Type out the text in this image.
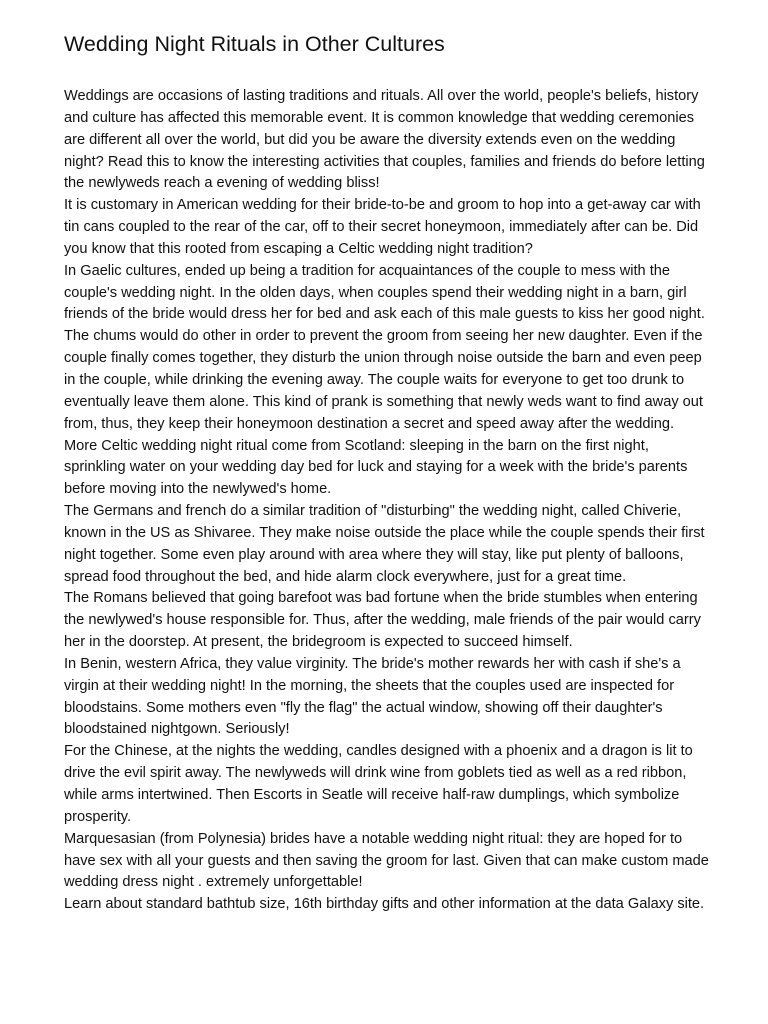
Wedding Night Rituals in Other Cultures

Weddings are occasions of lasting traditions and rituals. All over the world, people's beliefs, history and culture has affected this memorable event. It is common knowledge that wedding ceremonies are different all over the world, but did you be aware the diversity extends even on the wedding night? Read this to know the interesting activities that couples, families and friends do before letting the newlyweds reach a evening of wedding bliss!

It is customary in American wedding for their bride-to-be and groom to hop into a get-away car with tin cans coupled to the rear of the car, off to their secret honeymoon, immediately after can be. Did you know that this rooted from escaping a Celtic wedding night tradition?

In Gaelic cultures, ended up being a tradition for acquaintances of the couple to mess with the couple's wedding night. In the olden days, when couples spend their wedding night in a barn, girl friends of the bride would dress her for bed and ask each of this male guests to kiss her good night. The chums would do other in order to prevent the groom from seeing her new daughter. Even if the couple finally comes together, they disturb the union through noise outside the barn and even peep in the couple, while drinking the evening away. The couple waits for everyone to get too drunk to eventually leave them alone. This kind of prank is something that newly weds want to find away out from, thus, they keep their honeymoon destination a secret and speed away after the wedding.

More Celtic wedding night ritual come from Scotland: sleeping in the barn on the first night, sprinkling water on your wedding day bed for luck and staying for a week with the bride's parents before moving into the newlywed's home.

The Germans and french do a similar tradition of "disturbing" the wedding night, called Chiverie, known in the US as Shivaree. They make noise outside the place while the couple spends their first night together. Some even play around with area where they will stay, like put plenty of balloons, spread food throughout the bed, and hide alarm clock everywhere, just for a great time.

The Romans believed that going barefoot was bad fortune when the bride stumbles when entering the newlywed's house responsible for. Thus, after the wedding, male friends of the pair would carry her in the doorstep. At present, the bridegroom is expected to succeed himself.

In Benin, western Africa, they value virginity. The bride's mother rewards her with cash if she's a virgin at their wedding night! In the morning, the sheets that the couples used are inspected for bloodstains. Some mothers even "fly the flag" the actual window, showing off their daughter's bloodstained nightgown. Seriously!

For the Chinese, at the nights the wedding, candles designed with a phoenix and a dragon is lit to drive the evil spirit away. The newlyweds will drink wine from goblets tied as well as a red ribbon, while arms intertwined. Then Escorts in Seatle will receive half-raw dumplings, which symbolize prosperity.

Marquesasian (from Polynesia) brides have a notable wedding night ritual: they are hoped for to have sex with all your guests and then saving the groom for last. Given that can make custom made wedding dress night . extremely unforgettable!

Learn about standard bathtub size, 16th birthday gifts and other information at the data Galaxy site.
